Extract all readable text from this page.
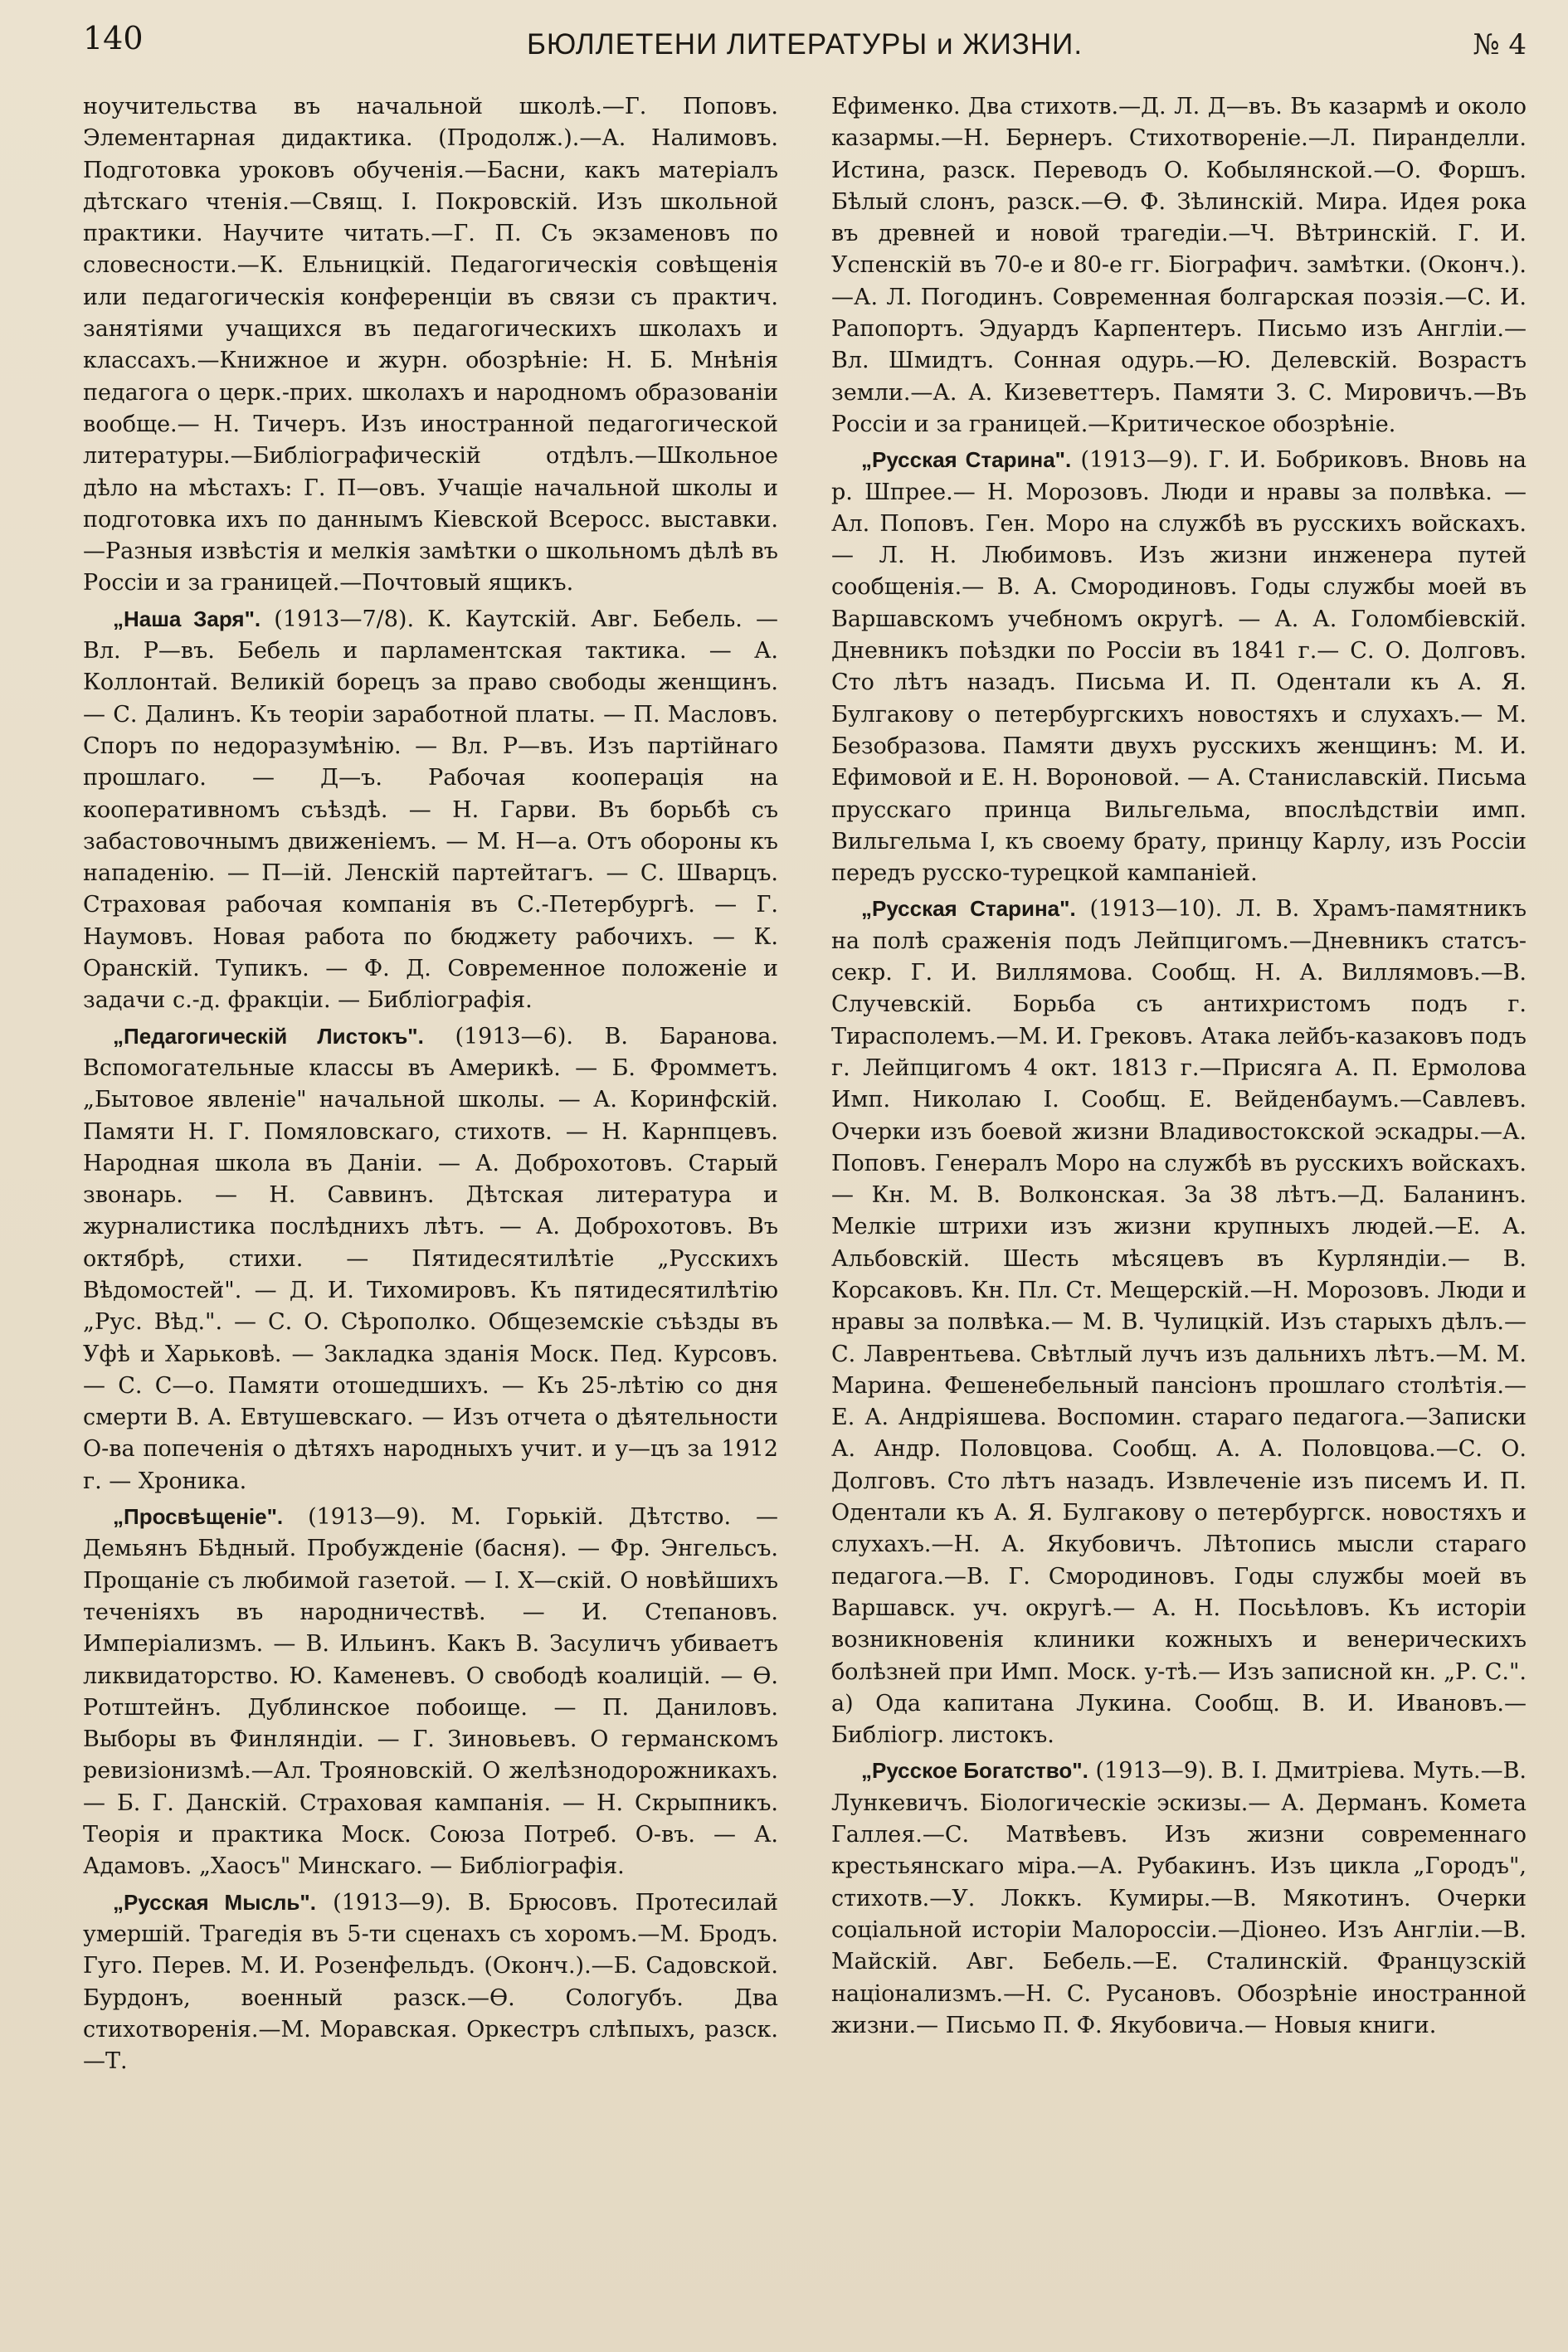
140	БЮЛЛЕТЕНИ ЛИТЕРАТУРЫ и ЖИЗНИ.	№ 4

ноучительства въ начальной школѣ.—Г. Поповъ. Элементарная дидактика. (Продолж.).—А. Налимовъ. Подготовка уроковъ обученія.—Басни, какъ матеріалъ дѣтскаго чтенія.—Свящ. І. Покровскій. Изъ школьной практики. Научите читать.—Г. П. Съ экзаменовъ по словесности.—К. Ельницкій. Педагогическія совѣщенія или педагогическія конференціи въ связи съ практич. занятіями учащихся въ педагогическихъ школахъ и классахъ.—Книжное и журн. обозрѣніе: Н. Б. Мнѣнія педагога о церк.-прих. школахъ и народномъ образованіи вообще.— Н. Тичеръ. Изъ иностранной педагогической литературы.—Библіографическій отдѣлъ.—Школьное дѣло на мѣстахъ: Г. П—овъ. Учащіе начальной школы и подготовка ихъ по даннымъ Кіевской Всеросс. выставки.—Разныя извѣстія и мелкія замѣтки о школьномъ дѣлѣ въ Россіи и за границей.—Почтовый ящикъ.

„Наша Заря". (1913—7/8). К. Каутскій. Авг. Бебель. — Вл. Р—въ. Бебель и парламентская тактика. — А. Коллонтай. Великій борецъ за право свободы женщинъ. — С. Далинъ. Къ теоріи заработной платы. — П. Масловъ. Споръ по недоразумѣнію. — Вл. Р—въ. Изъ партійнаго прошлаго. — Д—ъ. Рабочая кооперація на кооперативномъ съѣздѣ. — Н. Гарви. Въ борьбѣ съ забастовочнымъ движеніемъ. — М. Н—а. Отъ обороны къ нападенію. — П—ій. Ленскій партейтагъ. — С. Шварцъ. Страховая рабочая компанія въ С.-Петербургѣ. — Г. Наумовъ. Новая работа по бюджету рабочихъ. — К. Оранскій. Тупикъ. — Ф. Д. Современное положеніе и задачи с.-д. фракціи. — Библіографія.

„Педагогическій Листокъ". (1913—6). В. Баранова. Вспомогательные классы въ Америкѣ. — Б. Фромметъ. „Бытовое явленіе" начальной школы. — А. Коринфскій. Памяти Н. Г. Помяловскаго, стихотв. — Н. Карнпцевъ. Народная школа въ Даніи. — А. Доброхотовъ. Старый звонарь. — Н. Саввинъ. Дѣтская литература и журналистика послѣднихъ лѣтъ. — А. Доброхотовъ. Въ октябрѣ, стихи. — Пятидесятилѣтіе „Русскихъ Вѣдомостей". — Д. И. Тихомировъ. Къ пятидесятилѣтію „Рус. Вѣд.". — С. О. Сѣрополко. Общеземскіе съѣзды въ Уфѣ и Харьковѣ. — Закладка зданія Моск. Пед. Курсовъ. — С. С—о. Памяти отошедшихъ. — Къ 25-лѣтію со дня смерти В. А. Евтушевскаго. — Изъ отчета о дѣятельности О-ва попеченія о дѣтяхъ народныхъ учит. и у—цъ за 1912 г. — Хроника.

„Просвѣщеніе". (1913—9). М. Горькій. Дѣтство. — Демьянъ Бѣдный. Пробужденіе (басня). — Фр. Энгельсъ. Прощаніе съ любимой газетой. — І. Х—скій. О новѣйшихъ теченіяхъ въ народничествѣ. — И. Степановъ. Имперіализмъ. — В. Ильинъ. Какъ В. Засуличъ убиваетъ ликвидаторство. Ю. Каменевъ. О свободѣ коалицій. — Ѳ. Ротштейнъ. Дублинское побоище. — П. Даниловъ. Выборы въ Финляндіи. — Г. Зиновьевъ. О германскомъ ревизіонизмѣ.—Ал. Трояновскій. О желѣзнодорожникахъ. — Б. Г. Данскій. Страховая кампанія. — Н. Скрыпникъ. Теорія и практика Моск. Союза Потреб. О-въ. — А. Адамовъ. „Хаосъ" Минскаго. — Библіографія.

„Русская Мысль". (1913—9). В. Брюсовъ. Протесилай умершій. Трагедія въ 5-ти сценахъ съ хоромъ.—М. Бродъ. Гуго. Перев. М. И. Розенфельдъ. (Оконч.).—Б. Садовской. Бурдонъ, военный разск.—Ѳ. Сологубъ. Два стихотворенія.—М. Моравская. Оркестръ слѣпыхъ, разск.—Т.

Ефименко. Два стихотв.—Д. Л. Д—въ. Въ казармѣ и около казармы.—Н. Бернеръ. Стихотвореніе.—Л. Пиранделли. Истина, разск. Переводъ О. Кобылянской.—О. Форшъ. Бѣлый слонъ, разск.—Ѳ. Ф. Зѣлинскій. Мира. Идея рока въ древней и новой трагедіи.—Ч. Вѣтринскій. Г. И. Успенскій въ 70-е и 80-е гг. Біографич. замѣтки. (Оконч.).—А. Л. Погодинъ. Современная болгарская поэзія.—С. И. Рапопортъ. Эдуардъ Карпентеръ. Письмо изъ Англіи.—Вл. Шмидтъ. Сонная одурь.—Ю. Делевскій. Возрастъ земли.—А. А. Кизеветтеръ. Памяти З. С. Мировичъ.—Въ Россіи и за границей.—Критическое обозрѣніе.

„Русская Старина". (1913—9). Г. И. Бобриковъ. Вновь на р. Шпрее.— Н. Морозовъ. Люди и нравы за полвѣка. — Ал. Поповъ. Ген. Моро на службѣ въ русскихъ войскахъ. — Л. Н. Любимовъ. Изъ жизни инженера путей сообщенія.— В. А. Смородиновъ. Годы службы моей въ Варшавскомъ учебномъ округѣ. — А. А. Голомбіевскій. Дневникъ поѣздки по Россіи въ 1841 г.— С. О. Долговъ. Сто лѣтъ назадъ. Письма И. П. Одентали къ А. Я. Булгакову о петербургскихъ новостяхъ и слухахъ.— М. Безобразова. Памяти двухъ русскихъ женщинъ: М. И. Ефимовой и Е. Н. Вороновой. — А. Станиславскій. Письма прусскаго принца Вильгельма, впослѣдствіи имп. Вильгельма I, къ своему брату, принцу Карлу, изъ Россіи передъ русско-турецкой кампаніей.

„Русская Старина". (1913—10). Л. В. Храмъ-памятникъ на полѣ сраженія подъ Лейпцигомъ.—Дневникъ статсъ-секр. Г. И. Виллямова. Сообщ. Н. А. Виллямовъ.—В. Случевскій. Борьба съ антихристомъ подъ г. Тирасполемъ.—М. И. Грековъ. Атака лейбъ-казаковъ подъ г. Лейпцигомъ 4 окт. 1813 г.—Присяга А. П. Ермолова Имп. Николаю I. Сообщ. Е. Вейденбаумъ.—Савлевъ. Очерки изъ боевой жизни Владивостокской эскадры.—А. Поповъ. Генералъ Моро на службѣ въ русскихъ войскахъ.— Кн. М. В. Волконская. За 38 лѣтъ.—Д. Баланинъ. Мелкіе штрихи изъ жизни крупныхъ людей.—Е. А. Альбовскій. Шесть мѣсяцевъ въ Курляндіи.— В. Корсаковъ. Кн. Пл. Ст. Мещерскій.—Н. Морозовъ. Люди и нравы за полвѣка.— М. В. Чулицкій. Изъ старыхъ дѣлъ.—С. Лаврентьева. Свѣтлый лучъ изъ дальнихъ лѣтъ.—М. М. Марина. Фешенебельный пансіонъ прошлаго столѣтія.—Е. А. Андріяшева. Воспомин. стараго педагога.—Записки А. Андр. Половцова. Сообщ. А. А. Половцова.—С. О. Долговъ. Сто лѣтъ назадъ. Извлеченіе изъ писемъ И. П. Одентали къ А. Я. Булгакову о петербургск. новостяхъ и слухахъ.—Н. А. Якубовичъ. Лѣтопись мысли стараго педагога.—В. Г. Смородиновъ. Годы службы моей въ Варшавск. уч. округѣ.— А. Н. Посьѣловъ. Къ исторіи возникновенія клиники кожныхъ и венерическихъ болѣзней при Имп. Моск. у-тѣ.— Изъ записной кн. „Р. С.". а) Ода капитана Лукина. Сообщ. В. И. Ивановъ.— Библіогр. листокъ.

„Русское Богатство". (1913—9). В. І. Дмитріева. Муть.—В. Лункевичъ. Біологическіе эскизы.— А. Дерманъ. Комета Галлея.—С. Матвѣевъ. Изъ жизни современнаго крестьянскаго міра.—А. Рубакинъ. Изъ цикла „Городъ", стихотв.—У. Локкъ. Кумиры.—В. Мякотинъ. Очерки соціальной исторіи Малороссіи.—Діонео. Изъ Англіи.—В. Майскій. Авг. Бебель.—Е. Сталинскій. Французскій націонализмъ.—Н. С. Русановъ. Обозрѣніе иностранной жизни.— Письмо П. Ф. Якубовича.— Новыя книги.
